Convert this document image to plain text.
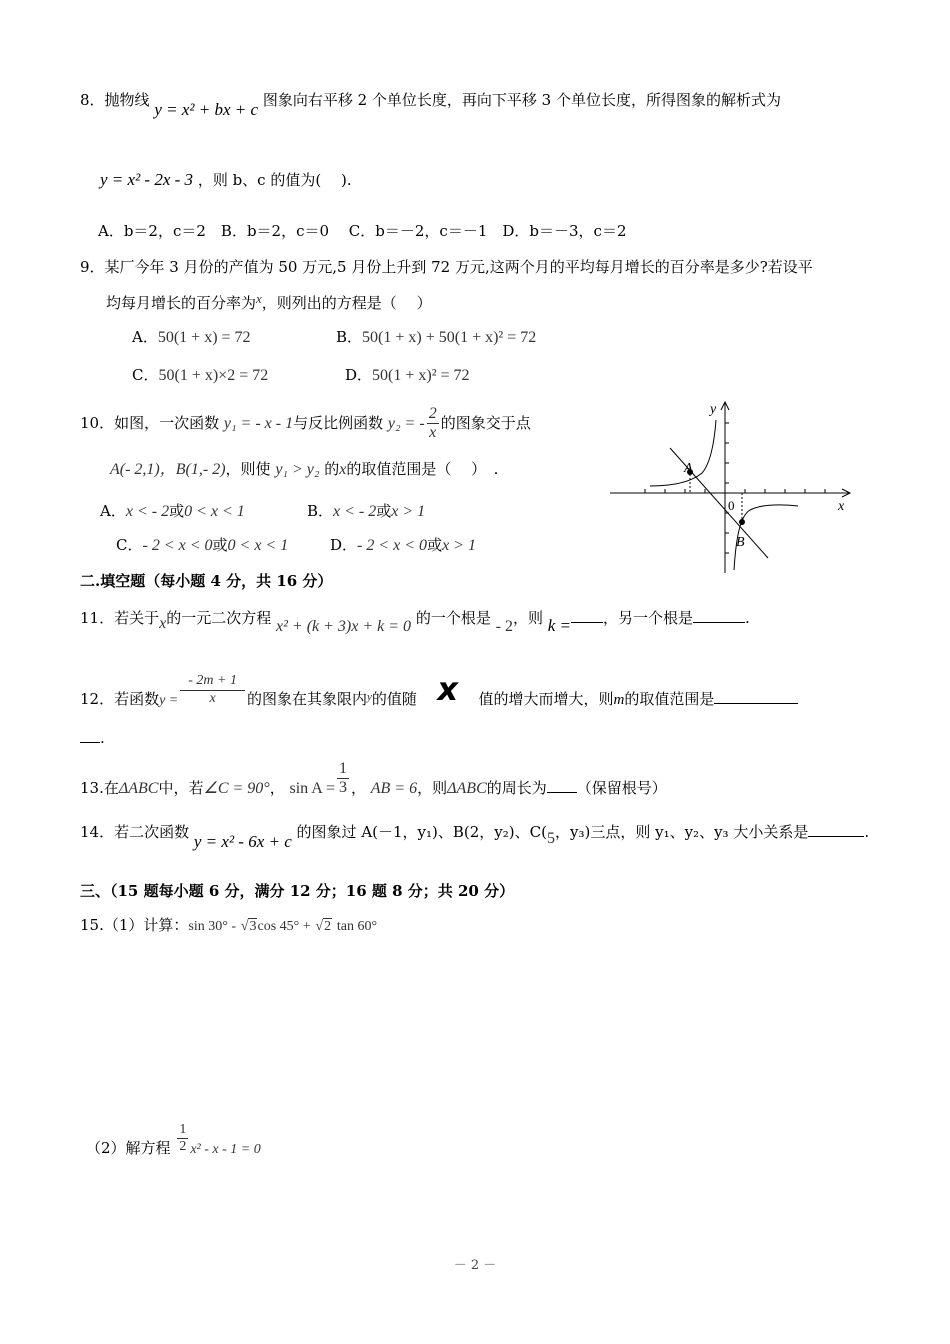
8．抛物线 y = x² + bx + c 图象向右平移 2 个单位长度，再向下平移 3 个单位长度，所得图象的解析式为
y = x² - 2x - 3 ，则 b、c 的值为(　 ).
A．b＝2，c＝2　B．b＝2，c＝0　 C．b＝－2，c＝－1　D．b＝－3，c＝2
9．某厂今年 3 月份的产值为 50 万元,5 月份上升到 72 万元,这两个月的平均每月增长的百分率是多少?若设平
均每月增长的百分率为x，则列出的方程是（　 ）
A．50(1 + x) = 72	B．50(1 + x) + 50(1 + x)² = 72
C．50(1 + x)×2 = 72	D．50(1 + x)² = 72
10．如图，一次函数 y₁ = - x - 1与反比例函数 y₂ = - $\frac{2}{x}$ 的图象交于点
A(- 2,1)，B(1,- 2)，则使 y₁ > y₂ 的x的取值范围是（　 ）　.
A．x < - 2或0 < x < 1	B．x < - 2或x > 1
C．- 2 < x < 0或0 < x < 1	D．- 2 < x < 0或x > 1
y
x
0
A
B
二.填空题（每小题 4 分，共 16 分）
11．若关于x的一元二次方程 x² + (k + 3)x + k = 0 的一个根是 - 2，则 k = ，另一个根是	.
12．若函数$y = \frac{- 2m + 1}{x}$ 的图象在其象限内$_y$的值随 x 值的增大而增大，则m的取值范围是
.
13.在ΔABC中，若∠C = 90°， $\sin A = \frac{1}{3}$ ， AB = 6，则ΔABC的周长为 （保留根号）
14．若二次函数 y = x² - 6x + c 的图象过 A(－1，y₁)、B(2，y₂)、C(5，y₃)三点，则 y₁、y₂、y₃ 大小关系是	.
三、（15 题每小题 6 分，满分 12 分；16 题 8 分；共 20 分）
15.（1）计算：sin 30° - √3cos 45° + √2 tan 60°
（2）解方程 $\frac{1}{2} x^2 - x - 1 = 0$
－ 2 －
